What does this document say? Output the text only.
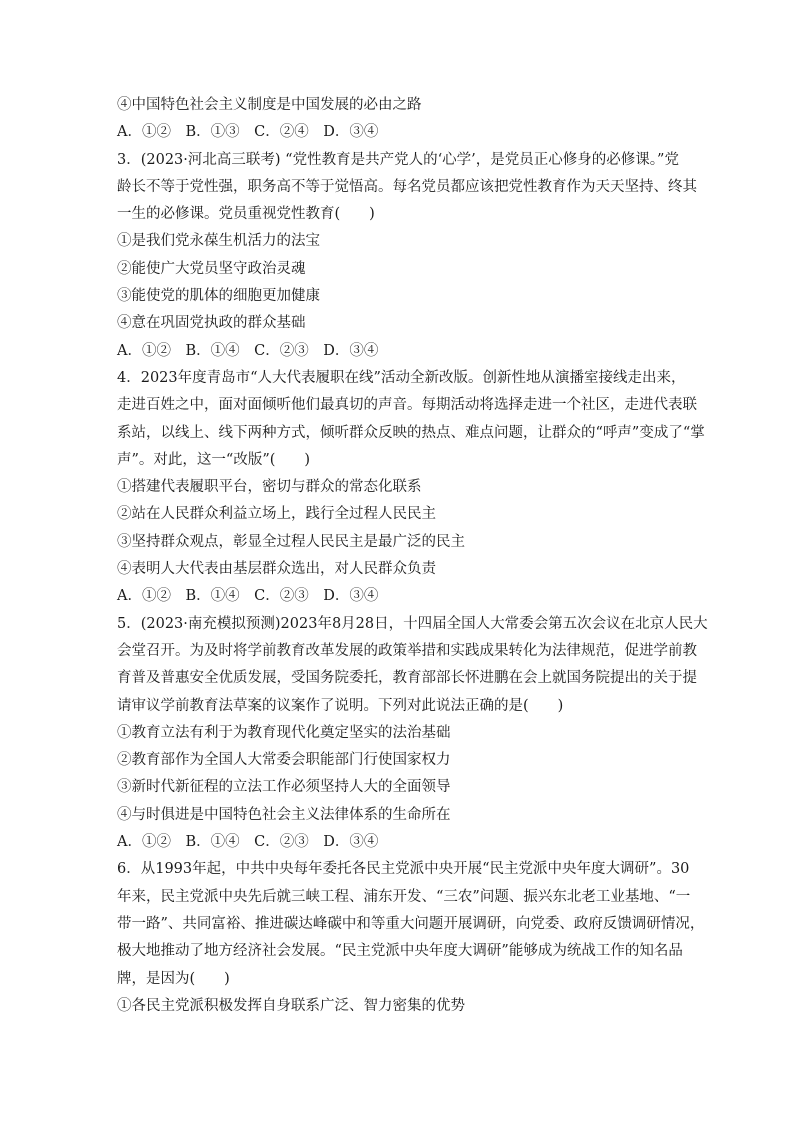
④中国特色社会主义制度是中国发展的必由之路
A．①②　B．①③　C．②④　D．③④
3．(2023·河北高三联考) “党性教育是共产党人的‘心学’，是党员正心修身的必修课。”党
龄长不等于党性强，职务高不等于觉悟高。每名党员都应该把党性教育作为天天坚持、终其
一生的必修课。党员重视党性教育(　　)
①是我们党永葆生机活力的法宝
②能使广大党员坚守政治灵魂
③能使党的肌体的细胞更加健康
④意在巩固党执政的群众基础
A．①②　B．①④　C．②③　D．③④
4．2023年度青岛市“人大代表履职在线”活动全新改版。创新性地从演播室接线走出来，
走进百姓之中，面对面倾听他们最真切的声音。每期活动将选择走进一个社区，走进代表联
系站，以线上、线下两种方式，倾听群众反映的热点、难点问题，让群众的“呼声”变成了“掌
声”。对此，这一“改版”(　　)
①搭建代表履职平台，密切与群众的常态化联系
②站在人民群众利益立场上，践行全过程人民民主
③坚持群众观点，彰显全过程人民民主是最广泛的民主
④表明人大代表由基层群众选出，对人民群众负责
A．①②　B．①④　C．②③　D．③④
5．(2023·南充模拟预测)2023年8月28日，十四届全国人大常委会第五次会议在北京人民大
会堂召开。为及时将学前教育改革发展的政策举措和实践成果转化为法律规范，促进学前教
育普及普惠安全优质发展，受国务院委托，教育部部长怀进鹏在会上就国务院提出的关于提
请审议学前教育法草案的议案作了说明。下列对此说法正确的是(　　)
①教育立法有利于为教育现代化奠定坚实的法治基础
②教育部作为全国人大常委会职能部门行使国家权力
③新时代新征程的立法工作必须坚持人大的全面领导
④与时俱进是中国特色社会主义法律体系的生命所在
A．①②　B．①④　C．②③　D．③④
6．从1993年起，中共中央每年委托各民主党派中央开展“民主党派中央年度大调研”。30
年来，民主党派中央先后就三峡工程、浦东开发、“三农”问题、振兴东北老工业基地、“一
带一路”、共同富裕、推进碳达峰碳中和等重大问题开展调研，向党委、政府反馈调研情况，
极大地推动了地方经济社会发展。“民主党派中央年度大调研”能够成为统战工作的知名品
牌，是因为(　　)
①各民主党派积极发挥自身联系广泛、智力密集的优势
